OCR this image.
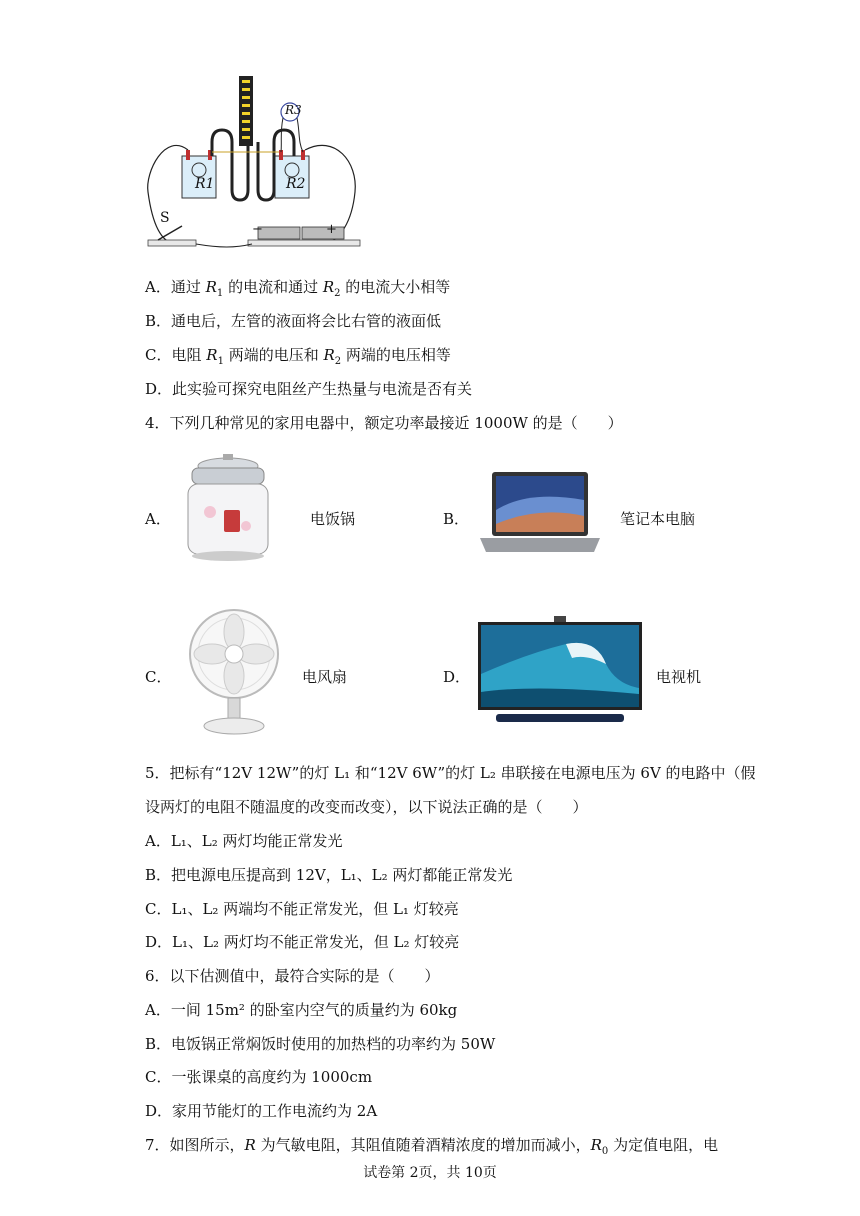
R1	R2
R3
S
−	+
A．通过 $R_1$ 的电流和通过 $R_2$ 的电流大小相等
B．通电后，左管的液面将会比右管的液面低
C．电阻 $R_1$ 两端的电压和 $R_2$ 两端的电压相等
D．此实验可探究电阻丝产生热量与电流是否有关
4．下列几种常见的家用电器中，额定功率最接近 1000W 的是（　　）
A．	电饭锅	B．	笔记本电脑
C．	电风扇	D．	电视机
5．把标有“12V 12W”的灯 L₁ 和“12V 6W”的灯 L₂ 串联接在电源电压为 6V 的电路中（假
设两灯的电阻不随温度的改变而改变），以下说法正确的是（　　）
A．L₁、L₂ 两灯均能正常发光
B．把电源电压提高到 12V，L₁、L₂ 两灯都能正常发光
C．L₁、L₂ 两端均不能正常发光，但 L₁ 灯较亮
D．L₁、L₂ 两灯均不能正常发光，但 L₂ 灯较亮
6．以下估测值中，最符合实际的是（　　）
A．一间 15m² 的卧室内空气的质量约为 60kg
B．电饭锅正常焖饭时使用的加热档的功率约为 50W
C．一张课桌的高度约为 1000cm
D．家用节能灯的工作电流约为 2A
7．如图所示，R 为气敏电阻，其阻值随着酒精浓度的增加而减小，$R_0$ 为定值电阻，电
试卷第 2页，共 10页
